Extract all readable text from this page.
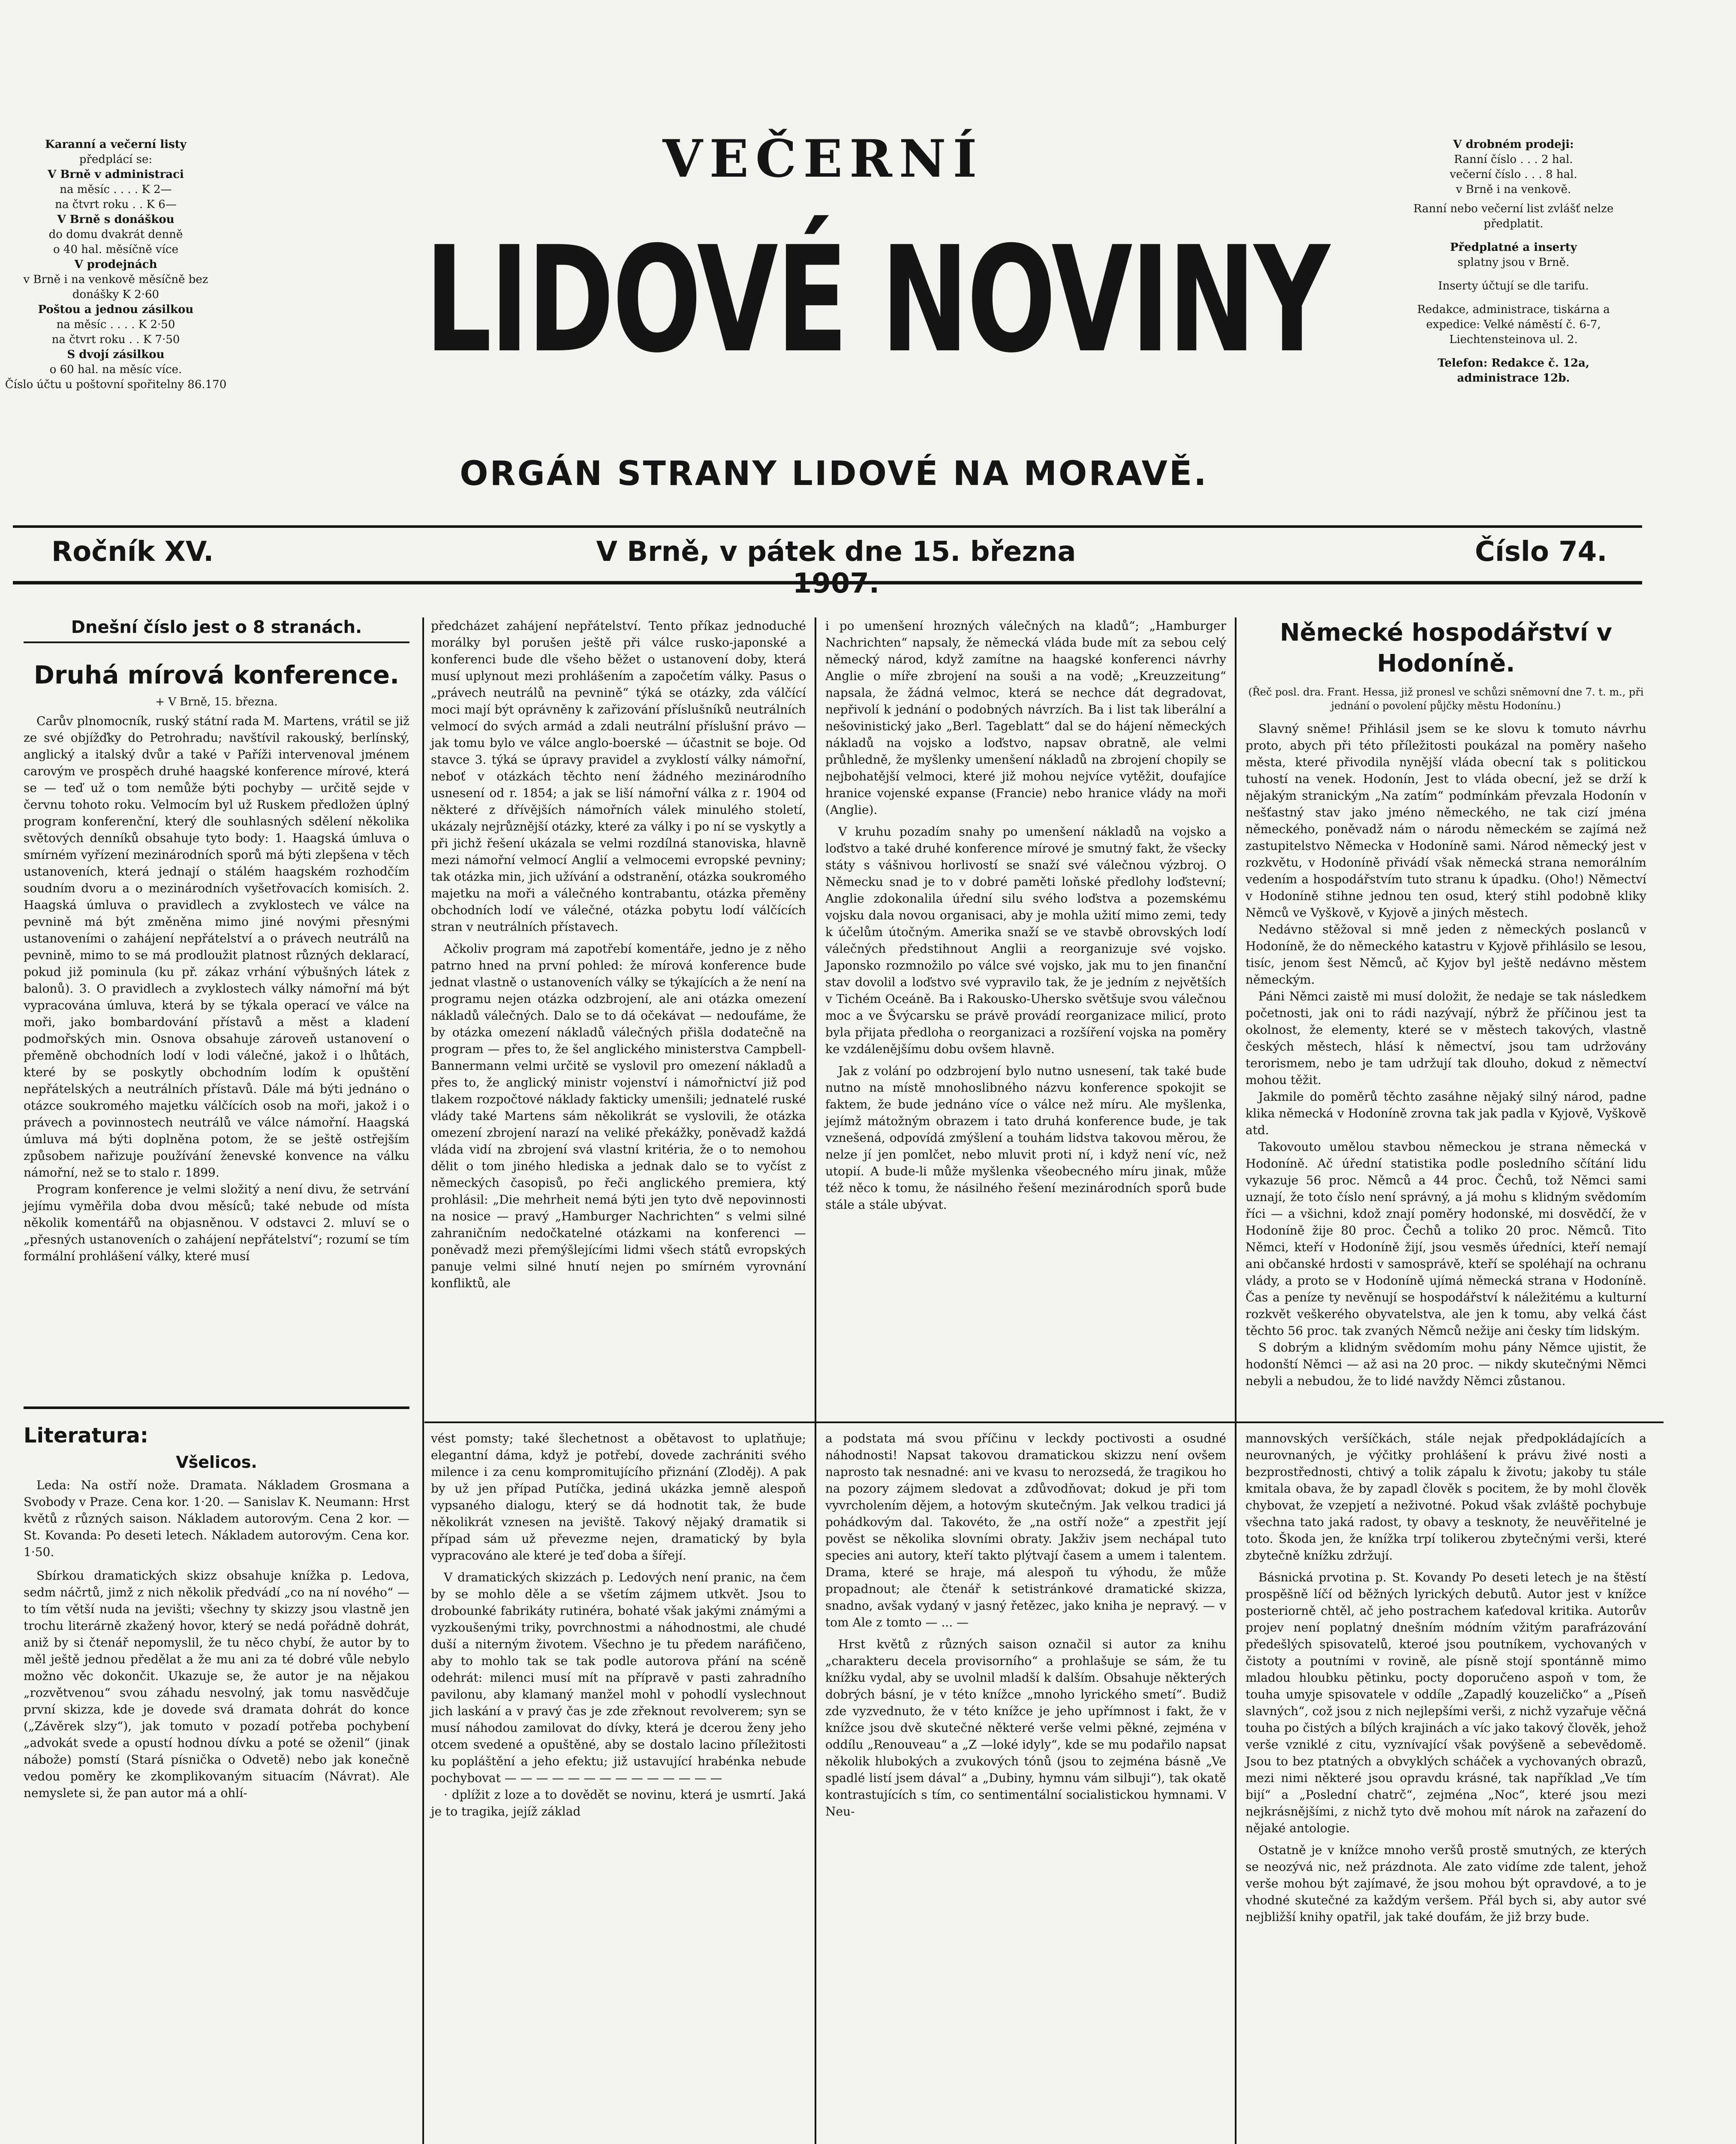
Karanní a večerní listy

předplácí se:

V Brně v administraci

na měsíc . . . . K 2—

na čtvrt roku . . K 6—

V Brně s donáškou

do domu dvakrát denně

o 40 hal. měsíčně více

V prodejnách

v Brně i na venkově měsíčně bez donášky K 2·60

Poštou a jednou zásilkou

na měsíc . . . . K 2·50

na čtvrt roku . . K 7·50

S dvojí zásilkou

o 60 hal. na měsíc více.

Číslo účtu u poštovní spořitelny 86.170

V drobném prodeji:

Ranní číslo . . . 2 hal.

večerní číslo . . . 8 hal.

v Brně i na venkově.

Ranní nebo večerní list zvlášť nelze předplatit.

Předplatné a inserty

splatny jsou v Brně.

Inserty účtují se dle tarifu.

Redakce, administrace, tiskárna a expedice: Velké náměstí č. 6-7, Liechtensteinova ul. 2.

Telefon: Redakce č. 12a, administrace 12b.

VEČERNÍ
LIDOVÉ NOVINY
ORGÁN STRANY LIDOVÉ NA MORAVĚ.
Ročník XV.	V Brně, v pátek dne 15. března 1907.
Číslo 74.
Dnešní číslo jest o 8 stranách.
Druhá mírová konference.
+ V Brně, 15. března.

Carův plnomocník, ruský státní rada M. Martens, vrátil se již ze své objížďky do Petrohradu; navštívil rakouský, berlínský, anglický a italský dvůr a také v Paříži intervenoval jménem carovým ve prospěch druhé haagské konference mírové, která se — teď už o tom nemůže býti pochyby — určitě sejde v červnu tohoto roku. Velmocím byl už Ruskem předložen úplný program konferenční, který dle souhlasných sdělení několika světových denníků obsahuje tyto body: 1. Haagská úmluva o smírném vyřízení mezinárodních sporů má býti zlepšena v těch ustanoveních, která jednají o stálém haagském rozhodčím soudním dvoru a o mezinárodních vyšetřovacích komisích. 2. Haagská úmluva o pravidlech a zvyklostech ve válce na pevnině má být změněna mimo jiné novými přesnými ustanoveními o zahájení nepřátelství a o právech neutrálů na pevnině, mimo to se má prodloužit platnost různých deklarací, pokud již pominula (ku př. zákaz vrhání výbušných látek z balonů). 3. O pravidlech a zvyklostech války námořní má být vypracována úmluva, která by se týkala operací ve válce na moři, jako bombardování přístavů a měst a kladení podmořských min. Osnova obsahuje zároveň ustanovení o přeměně obchodních lodí v lodi válečné, jakož i o lhůtách, které by se poskytly obchodním lodím k opuštění nepřátelských a neutrálních přístavů. Dále má býti jednáno o otázce soukromého majetku válčících osob na moři, jakož i o právech a povinnostech neutrálů ve válce námořní. Haagská úmluva má býti doplněna potom, že se ještě ostřejším způsobem nařizuje používání ženevské konvence na válku námořní, než se to stalo r. 1899.

Program konference je velmi složitý a není divu, že setrvání jejímu vyměřila doba dvou měsíců; také nebude od místa několik komentářů na objasněnou. V odstavci 2. mluví se o „přesných ustanoveních o zahájení nepřátelství“; rozumí se tím formální prohlášení války, které musí

Literatura:
Všelicos.

Leda: Na ostří nože. Dramata. Nákladem Grosmana a Svobody v Praze. Cena kor. 1·20. — Sanislav K. Neumann: Hrst květů z různých saison. Nákladem autorovým. Cena 2 kor. — St. Kovanda: Po deseti letech. Nákladem autorovým. Cena kor. 1·50.

Sbírkou dramatických skizz obsahuje knížka p. Ledova, sedm náčrtů, jimž z nich několik předvádí „co na ní nového“ — to tím větší nuda na jevišti; všechny ty skizzy jsou vlastně jen trochu literárně zkažený hovor, který se nedá pořádně dohrát, aniž by si čtenář nepomyslil, že tu něco chybí, že autor by to měl ještě jednou předělat a že mu ani za té dobré vůle nebylo možno věc dokončit. Ukazuje se, že autor je na nějakou „rozvětvenou“ svou záhadu nesvolný, jak tomu nasvědčuje první skizza, kde je dovede svá dramata dohrát do konce („Závěrek slzy“), jak tomuto v pozadí potřeba pochybení „advokát svede a opustí hodnou dívku a poté se oženil“ (jinak nábože) pomstí (Stará písnička o Odvetě) nebo jak konečně vedou poměry ke zkomplikovaným situacím (Návrat). Ale nemyslete si, že pan autor má a ohlí-

předcházet zahájení nepřátelství. Tento příkaz jednoduché morálky byl porušen ještě při válce rusko-japonské a konferenci bude dle všeho běžet o ustanovení doby, která musí uplynout mezi prohlášením a započetím války. Pasus o „právech neutrálů na pevnině“ týká se otázky, zda válčící moci mají být oprávněny k zařizování příslušníků neutrálních velmocí do svých armád a zdali neutrální příslušní právo — jak tomu bylo ve válce anglo-boerské — účastnit se boje. Od stavce 3. týká se úpravy pravidel a zvyklostí války námořní, neboť v otázkách těchto není žádného mezinárodního usnesení od r. 1854; a jak se liší námořní válka z r. 1904 od některé z dřívějších námořních válek minulého století, ukázaly nejrůznější otázky, které za války i po ní se vyskytly a při jichž řešení ukázala se velmi rozdílná stanoviska, hlavně mezi námořní velmocí Anglií a velmocemi evropské pevniny; tak otázka min, jich užívání a odstranění, otázka soukromého majetku na moři a válečného kontrabantu, otázka přeměny obchodních lodí ve válečné, otázka pobytu lodí válčících stran v neutrálních přístavech.

Ačkoliv program má zapotřebí komentáře, jedno je z něho patrno hned na první pohled: že mírová konference bude jednat vlastně o ustanoveních války se týkajících a že není na programu nejen otázka odzbrojení, ale ani otázka omezení nákladů válečných. Dalo se to dá očekávat — nedoufáme, že by otázka omezení nákladů válečných přišla dodatečně na program — přes to, že šel anglického ministerstva Campbell-Bannermann velmi určitě se vyslovil pro omezení nákladů a přes to, že anglický ministr vojenství i námořnictví již pod tlakem rozpočtové náklady fakticky umenšili; jednatelé ruské vlády také Martens sám několikrát se vyslovili, že otázka omezení zbrojení narazí na veliké překážky, poněvadž každá vláda vidí na zbrojení svá vlastní kritéria, že o to nemohou dělit o tom jiného hlediska a jednak dalo se to vyčíst z německých časopisů, po řeči anglického premiera, ktý prohlásil: „Die mehrheit nemá býti jen tyto dvě nepovinnosti na nosice — pravý „Hamburger Nachrichten“ s velmi silné zahraničním nedočkatelné otázkami na konferenci — poněvadž mezi přemýšlejícími lidmi všech států evropských panuje velmi silné hnutí nejen po smírném vyrovnání konfliktů, ale

vést pomsty; také šlechetnost a obětavost to uplatňuje; elegantní dáma, když je potřebí, dovede zachrániti svého milence i za cenu kompromitujícího přiznání (Zloděj). A pak by už jen případ Putíčka, jediná ukázka jemně alespoň vypsaného dialogu, který se dá hodnotit tak, že bude několikrát vznesen na jeviště. Takový nějaký dramatik si případ sám už převezme nejen, dramatický by byla vypracováno ale které je teď doba a šířejí.

V dramatických skizzách p. Ledových není pranic, na čem by se mohlo děle a se všetím zájmem utkvět. Jsou to drobounké fabrikáty rutinéra, bohaté však jakými známými a vyzkoušenými triky, povrchnostmi a náhodnostmi, ale chudé duší a niterným životem. Všechno je tu předem naráfičeno, aby to mohlo tak se tak podle autorova přání na scéně odehrát: milenci musí mít na přípravě v pasti zahradního pavilonu, aby klamaný manžel mohl v pohodlí vyslechnout jich laskání a v pravý čas je zde zřeknout revolverem; syn se musí náhodou zamilovat do dívky, která je dcerou ženy jeho otcem svedené a opuštěné, aby se dostalo lacino příležitosti ku popláštění a jeho efektu; již ustavující hrabénka nebude pochybovat — — — — — — — — — — — — — —

· dplížit z loze a to dovědět se novinu, která je usmrtí. Jaká je to tragika, jejíž základ

i po umenšení hrozných válečných na kladů“; „Hamburger Nachrichten“ napsaly, že německá vláda bude mít za sebou celý německý národ, když zamítne na haagské konferenci návrhy Anglie o míře zbrojení na souši a na vodě; „Kreuzzeitung“ napsala, že žádná velmoc, která se nechce dát degradovat, nepřivolí k jednání o podobných návrzích. Ba i list tak liberální a nešovinistický jako „Berl. Tageblatt“ dal se do hájení německých nákladů na vojsko a loďstvo, napsav obratně, ale velmi průhledně, že myšlenky umenšení nákladů na zbrojení chopily se nejbohatější velmoci, které již mohou nejvíce vytěžit, doufajíce hranice vojenské expanse (Francie) nebo hranice vlády na moři (Anglie).

V kruhu pozadím snahy po umenšení nákladů na vojsko a loďstvo a také druhé konference mírové je smutný fakt, že všecky státy s vášnivou horlivostí se snaží své válečnou výzbroj. O Německu snad je to v dobré paměti loňské předlohy loďstevní; Anglie zdokonalila úřední silu svého loďstva a pozemskému vojsku dala novou organisaci, aby je mohla užití mimo zemi, tedy k účelům útočným. Amerika snaží se ve stavbě obrovských lodí válečných předstihnout Anglii a reorganizuje své vojsko. Japonsko rozmnožilo po válce své vojsko, jak mu to jen finanční stav dovolil a loďstvo své vypravilo tak, že je jedním z největších v Tichém Oceáně. Ba i Rakousko-Uhersko světšuje svou válečnou moc a ve Švýcarsku se právě provádí reorganizace milicí, proto byla přijata předloha o reorganizaci a rozšíření vojska na poměry ke vzdálenějšímu dobu ovšem hlavně.

Jak z volání po odzbrojení bylo nutno usnesení, tak také bude nutno na místě mnohoslibného názvu konference spokojit se faktem, že bude jednáno více o válce než míru. Ale myšlenka, jejímž mátožným obrazem i tato druhá konference bude, je tak vznešená, odpovídá zmýšlení a touhám lidstva takovou měrou, že nelze jí jen pomlčet, nebo mluvit proti ní, i když není víc, než utopií. A bude-li může myšlenka všeobecného míru jinak, může též něco k tomu, že násilného řešení mezinárodních sporů bude stále a stále ubývat.

a podstata má svou příčinu v leckdy poctivosti a osudné náhodnosti! Napsat takovou dramatickou skizzu není ovšem naprosto tak nesnadné: ani ve kvasu to nerozsedá, že tragikou ho na pozory zájmem sledovat a zdůvodňovat; dokud je při tom vyvrcholením dějem, a hotovým skutečným. Jak velkou tradici já pohádkovým dal. Takovéto, že „na ostří nože“ a zpestřit její pověst se několika slovními obraty. Jakživ jsem nechápal tuto species ani autory, kteří takto plýtvají časem a umem i talentem. Drama, které se hraje, má alespoň tu výhodu, že může propadnout; ale čtenář k setistránkové dramatické skizza, snadno, avšak vydaný v jasný řetězec, jako kniha je nepravý. — v tom Ale z tomto — ... —

Hrst květů z různých saison označil si autor za knihu „charakteru decela provisorního“ a prohlašuje se sám, že tu knížku vydal, aby se uvolnil mladší k dalším. Obsahuje některých dobrých básní, je v této knížce „mnoho lyrického smetí“. Budiž zde vyzvednuto, že v této knížce je jeho upřímnost i fakt, že v knížce jsou dvě skutečné některé verše velmi pěkné, zejména v oddílu „Renouveau“ a „Z —loké idyly“, kde se mu podařilo napsat několik hlubokých a zvukových tónů (jsou to zejména básně „Ve spadlé listí jsem dával“ a „Dubiny, hymnu vám silbuji“), tak okatě kontrastujících s tím, co sentimentální socialistickou hymnami. V Neu-

Německé hospodářství v Hodoníně.
(Řeč posl. dra. Frant. Hessa, již pronesl ve schůzi sněmovní dne 7. t. m., při jednání o povolení půjčky městu Hodonínu.)

Slavný sněme! Přihlásil jsem se ke slovu k tomuto návrhu proto, abych při této příležitosti poukázal na poměry našeho města, které přivodila nynější vláda obecní tak s politickou tuhostí na venek. Hodonín, Jest to vláda obecní, jež se drží k nějakým stranickým „Na zatím“ podmínkám převzala Hodonín v nešťastný stav jako jméno německého, ne tak cizí jména německého, poněvadž nám o národu německém se zajímá než zastupitelstvo Německa v Hodoníně sami. Národ německý jest v rozkvětu, v Hodoníně přivádí však německá strana nemorálním vedením a hospodářstvím tuto stranu k úpadku. (Oho!) Němectví v Hodoníně stihne jednou ten osud, který stihl podobně kliky Němců ve Vyškově, v Kyjově a jiných městech.

Nedávno stěžoval si mně jeden z německých poslanců v Hodoníně, že do německého katastru v Kyjově přihlásilo se lesou, tisíc, jenom šest Němců, ač Kyjov byl ještě nedávno městem německým.

Páni Němci zaistě mi musí doložit, že nedaje se tak následkem početnosti, jak oni to rádi nazývají, nýbrž že příčinou jest ta okolnost, že elementy, které se v městech takových, vlastně českých městech, hlásí k němectví, jsou tam udržovány terorismem, nebo je tam udržují tak dlouho, dokud z němectví mohou těžit.

Jakmile do poměrů těchto zasáhne nějaký silný národ, padne klika německá v Hodoníně zrovna tak jak padla v Kyjově, Vyškově atd.

Takovouto umělou stavbou německou je strana německá v Hodoníně. Ač úřední statistika podle posledního sčítání lidu vykazuje 56 proc. Němců a 44 proc. Čechů, tož Němci sami uznají, že toto číslo není správný, a já mohu s klidným svědomím říci — a všichni, kdož znají poměry hodonské, mi dosvědčí, že v Hodoníně žije 80 proc. Čechů a toliko 20 proc. Němců. Tito Němci, kteří v Hodoníně žijí, jsou vesměs úředníci, kteří nemají ani občanské hrdosti v samosprávě, kteří se spoléhají na ochranu vlády, a proto se v Hodoníně ujímá německá strana v Hodoníně. Čas a peníze ty nevěnují se hospodářství k náležitému a kulturní rozkvět veškerého obyvatelstva, ale jen k tomu, aby velká část těchto 56 proc. tak zvaných Němců nežije ani česky tím lidským.

S dobrým a klidným svědomím mohu pány Němce ujistit, že hodonští Němci — až asi na 20 proc. — nikdy skutečnými Němci nebyli a nebudou, že to lidé navždy Němci zůstanou.

mannovských veršíčkách, stále nejak předpokládajících a neurovnaných, je výčitky prohlášení k právu živé nosti a bezprostřednosti, chtivý a tolik zápalu k životu; jakoby tu stále kmitala obava, že by zapadl člověk s pocitem, že by mohl člověk chybovat, že vzepjetí a neživotné. Pokud však zvláště pochybuje všechna tato jaká radost, ty obavy a tesknoty, že neuvěřitelné je toto. Škoda jen, že knížka trpí tolikerou zbytečnými verši, které zbytečně knížku zdržují.

Básnická prvotina p. St. Kovandy Po deseti letech je na štěstí prospěšně líčí od běžných lyrických debutů. Autor jest v knížce posteriorně chtěl, ač jeho postrachem kaťedoval kritika. Autorův projev není poplatný dnešním módním vžitým parafrázování předešlých spisovatelů, kteroé jsou poutníkem, vychovaných v čistoty a poutními v rovině, ale písně stojí spontánně mimo mladou hloubku pětinku, pocty doporučeno aspoň v tom, že touha umyje spisovatele v oddíle „Zapadlý kouzeličko“ a „Píseň slavných“, což jsou z nich nejlepšími verši, z nichž vyzařuje věčná touha po čistých a bílých krajinách a víc jako takový člověk, jehož verše vzniklé z citu, vyznívající však povýšeně a sebevědomě. Jsou to bez ptatných a obvyklých scháček a vychovaných obrazů, mezi nimi některé jsou opravdu krásné, tak například „Ve tím bijí“ a „Poslední chatrč“, zejména „Noc“, které jsou mezi nejkrásnějšími, z nichž tyto dvě mohou mít nárok na zařazení do nějaké antologie.

Ostatně je v knížce mnoho veršů prostě smutných, ze kterých se neozývá nic, než prázdnota. Ale zato vidíme zde talent, jehož verše mohou být zajímavé, že jsou mohou být opravdové, a to je vhodné skutečné za každým veršem. Přál bych si, aby autor své nejbližší knihy opatřil, jak také doufám, že již brzy bude.
